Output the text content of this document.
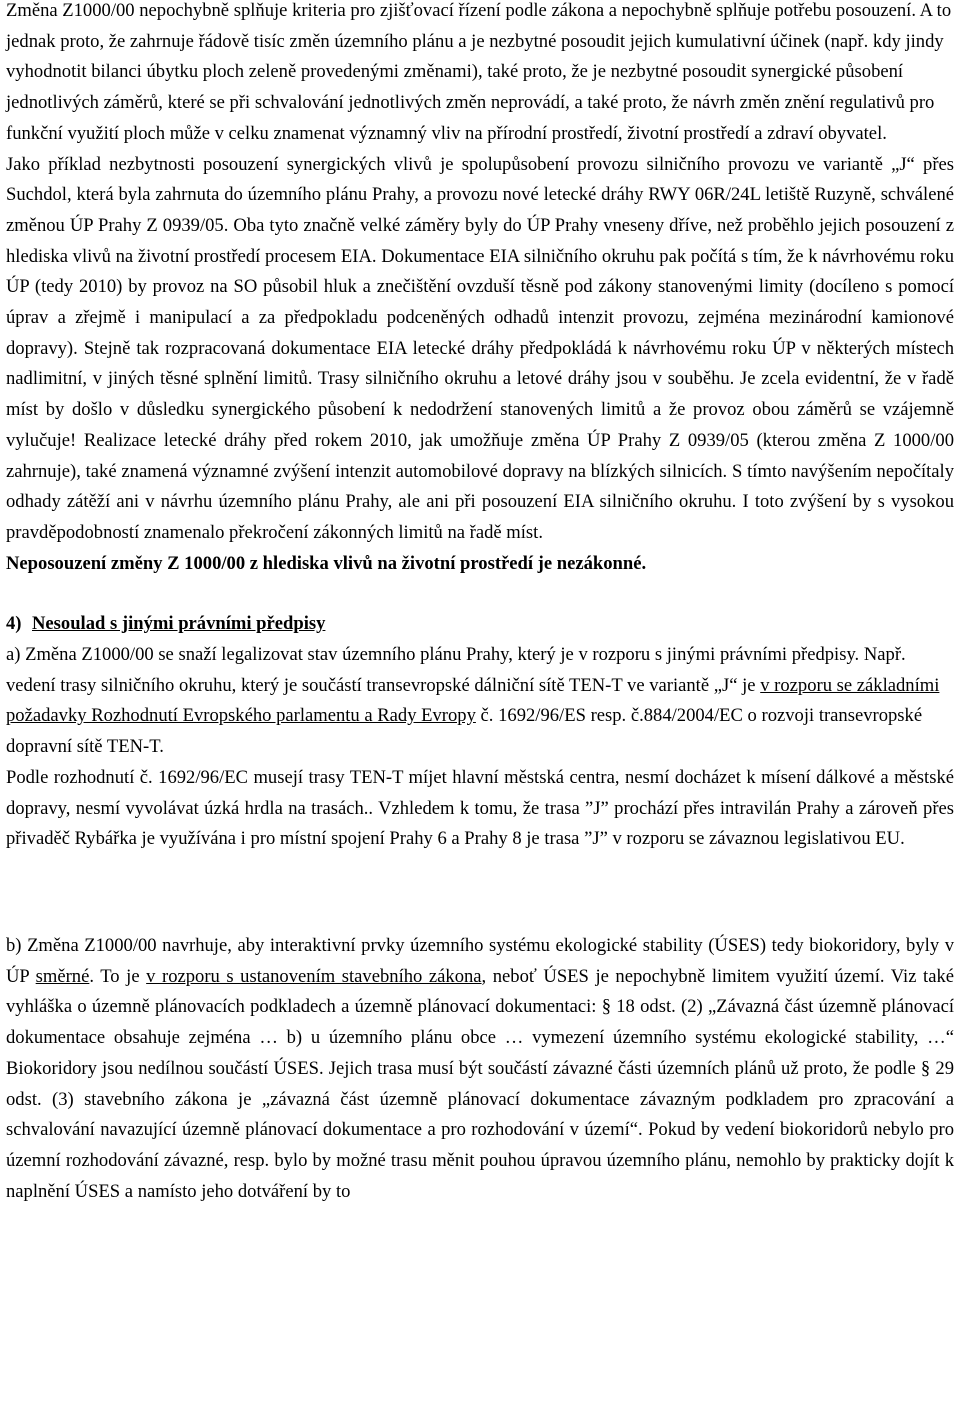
Změna Z1000/00 nepochybně splňuje kriteria pro zjišťovací řízení podle zákona a nepochybně splňuje potřebu posouzení. A to jednak proto, že zahrnuje řádově tisíc změn územního plánu a je nezbytné posoudit jejich kumulativní účinek (např. kdy jindy vyhodnotit bilanci úbytku ploch zeleně provedenými změnami), také proto, že je nezbytné posoudit synergické působení jednotlivých záměrů, které se při schvalování jednotlivých změn neprovádí, a také proto, že návrh změn znění regulativů pro funkční využití ploch může v celku znamenat významný vliv na přírodní prostředí, životní prostředí a zdraví obyvatel.

Jako příklad nezbytnosti posouzení synergických vlivů je spolupůsobení provozu silničního provozu ve variantě „J“ přes Suchdol, která byla zahrnuta do územního plánu Prahy, a provozu nové letecké dráhy RWY 06R/24L letiště Ruzyně, schválené změnou ÚP Prahy Z 0939/05. Oba tyto značně velké záměry byly do ÚP Prahy vneseny dříve, než proběhlo jejich posouzení z hlediska vlivů na životní prostředí procesem EIA. Dokumentace EIA silničního okruhu pak počítá s tím, že k návrhovému roku ÚP (tedy 2010) by provoz na SO působil hluk a znečištění ovzduší těsně pod zákony stanovenými limity (docíleno s pomocí úprav a zřejmě i manipulací a za předpokladu podceněných odhadů intenzit provozu, zejména mezinárodní kamionové dopravy). Stejně tak rozpracovaná dokumentace EIA letecké dráhy předpokládá k návrhovému roku ÚP v některých místech nadlimitní, v jiných těsné splnění limitů. Trasy silničního okruhu a letové dráhy jsou v souběhu. Je zcela evidentní, že v řadě míst by došlo v důsledku synergického působení k nedodržení stanovených limitů a že provoz obou záměrů se vzájemně vylučuje! Realizace letecké dráhy před rokem 2010, jak umožňuje změna ÚP Prahy Z 0939/05 (kterou změna Z 1000/00 zahrnuje), také znamená významné zvýšení intenzit automobilové dopravy na blízkých silnicích. S tímto navýšením nepočítaly odhady zátěží ani v návrhu územního plánu Prahy, ale ani při posouzení EIA silničního okruhu. I toto zvýšení by s vysokou pravděpodobností znamenalo překročení zákonných limitů na řadě míst.

Neposouzení změny Z 1000/00 z hlediska vlivů na životní prostředí je nezákonné.

4) Nesoulad s jinými právními předpisy

a) Změna Z1000/00 se snaží legalizovat stav územního plánu Prahy, který je v rozporu s jinými právními předpisy. Např. vedení trasy silničního okruhu, který je součástí transevropské dálniční sítě TEN-T ve variantě „J“ je v rozporu se základními požadavky Rozhodnutí Evropského parlamentu a Rady Evropy č. 1692/96/ES resp. č.884/2004/EC o rozvoji transevropské dopravní sítě TEN-T.

Podle rozhodnutí č. 1692/96/EC musejí trasy TEN-T míjet hlavní městská centra, nesmí docházet k mísení dálkové a městské dopravy, nesmí vyvolávat úzká hrdla na trasách.. Vzhledem k tomu, že trasa ”J” prochází přes intravilán Prahy a zároveň přes přivaděč Rybářka je využívána i pro místní spojení Prahy 6 a Prahy 8 je trasa ”J” v rozporu se závaznou legislativou EU.

b) Změna Z1000/00 navrhuje, aby interaktivní prvky územního systému ekologické stability (ÚSES) tedy biokoridory, byly v ÚP směrné. To je v rozporu s ustanovením stavebního zákona, neboť ÚSES je nepochybně limitem využití území. Viz také vyhláška o územně plánovacích podkladech a územně plánovací dokumentaci: § 18 odst. (2) „Závazná část územně plánovací dokumentace obsahuje zejména … b) u územního plánu obce … vymezení územního systému ekologické stability, …“ Biokoridory jsou nedílnou součástí ÚSES. Jejich trasa musí být součástí závazné části územních plánů už proto, že podle § 29 odst. (3) stavebního zákona je „závazná část územně plánovací dokumentace závazným podkladem pro zpracování a schvalování navazující územně plánovací dokumentace a pro rozhodování v území“. Pokud by vedení biokoridorů nebylo pro územní rozhodování závazné, resp. bylo by možné trasu měnit pouhou úpravou územního plánu, nemohlo by prakticky dojít k naplnění ÚSES a namísto jeho dotváření by to
